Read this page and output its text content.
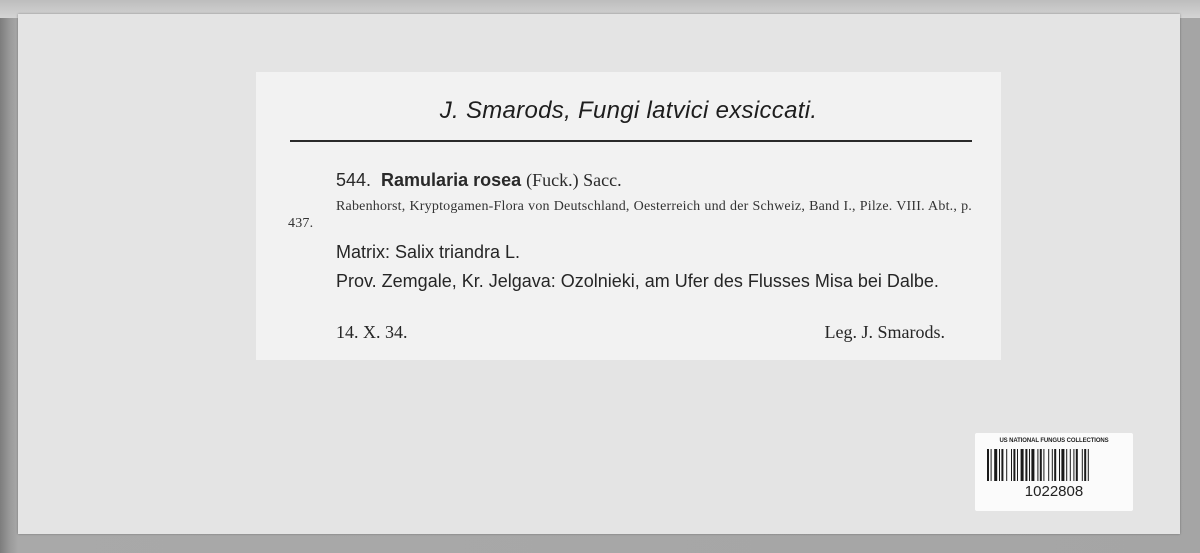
J. Smarods, Fungi latvici exsiccati.
544. Ramularia rosea (Fuck.) Sacc.
Rabenhorst, Kryptogamen-Flora von Deutschland, Oesterreich und der Schweiz, Band I., Pilze. VIII. Abt., p. 437.
Matrix: Salix triandra L.
Prov. Zemgale, Kr. Jelgava: Ozolnieki, am Ufer des Flusses Misa bei Dalbe.
14. X. 34.	Leg. J. Smarods.
US NATIONAL FUNGUS COLLECTIONS
1022808
